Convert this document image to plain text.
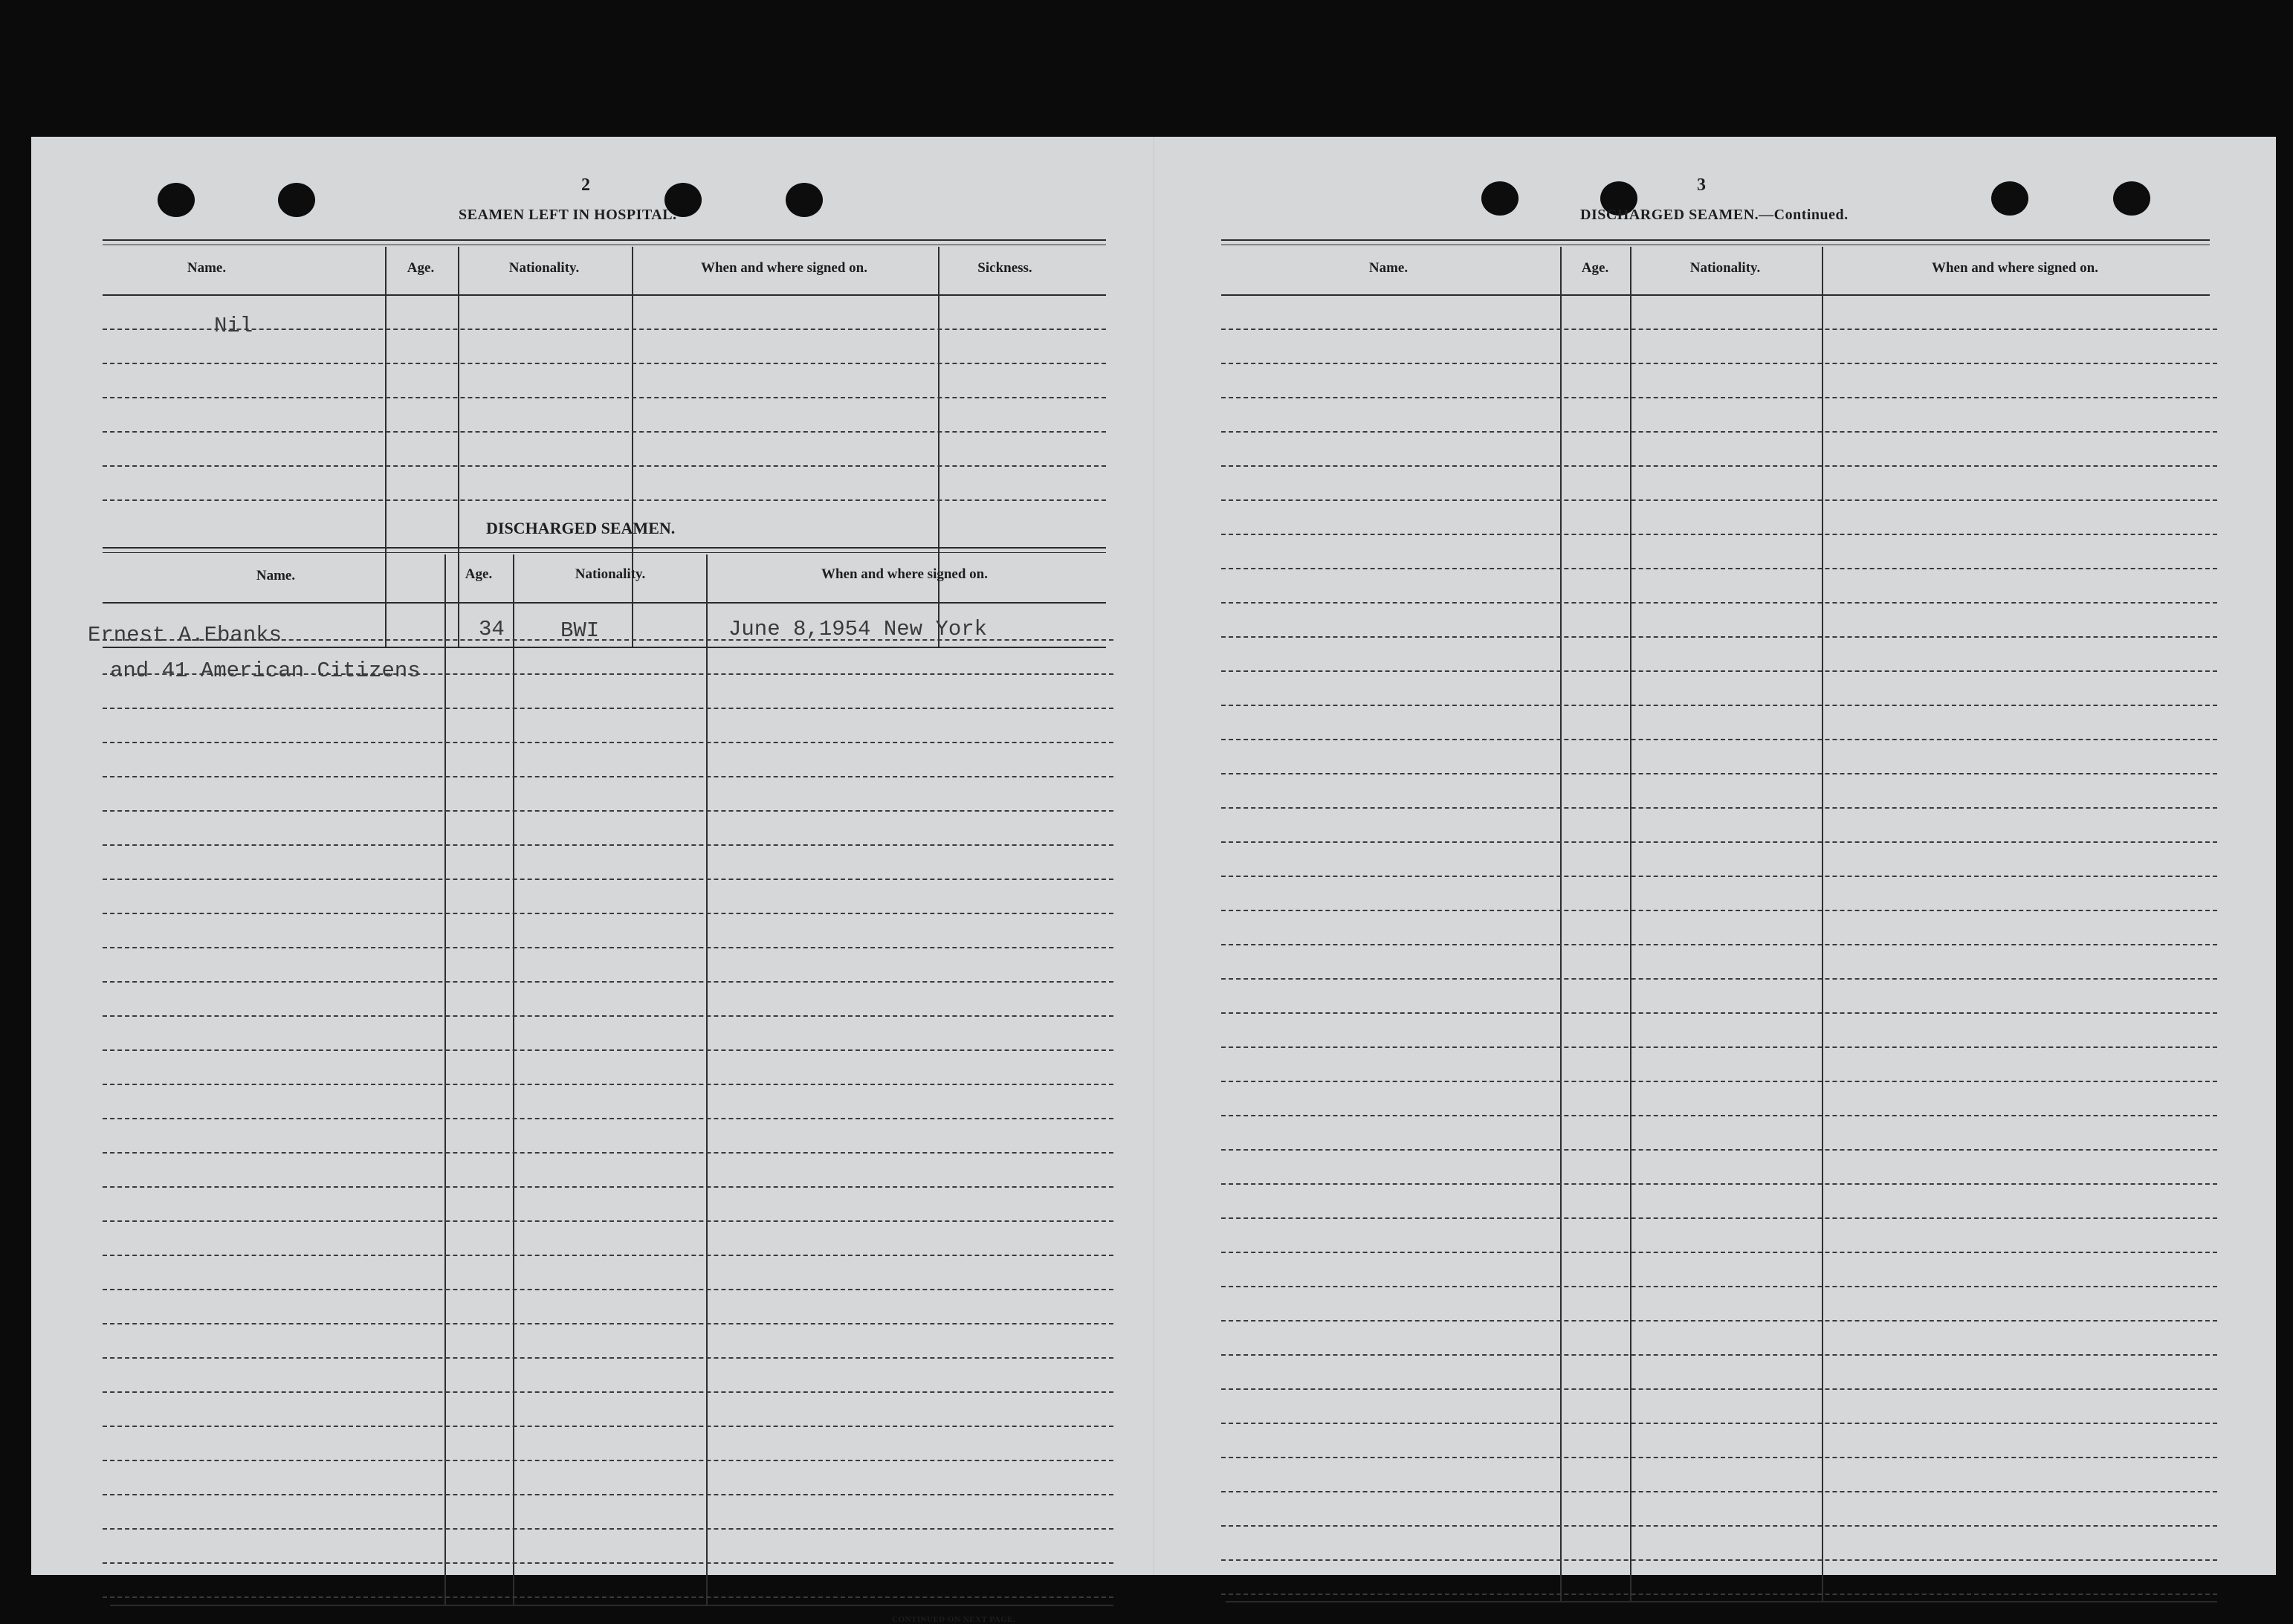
2
SEAMEN LEFT IN HOSPITAL.
Name.	Age.	Nationality.	When and where signed on.	Sickness.
Nil
DISCHARGED SEAMEN.
Name.	Age.	Nationality.	When and where signed on.
Ernest A.Ebanks	34	BWI	June 8,1954 New York
and 41 American Citizens
CONTINUED ON NEXT PAGE.
3
DISCHARGED SEAMEN.—Continued.
Name.	Age.	Nationality.	When and where signed on.
